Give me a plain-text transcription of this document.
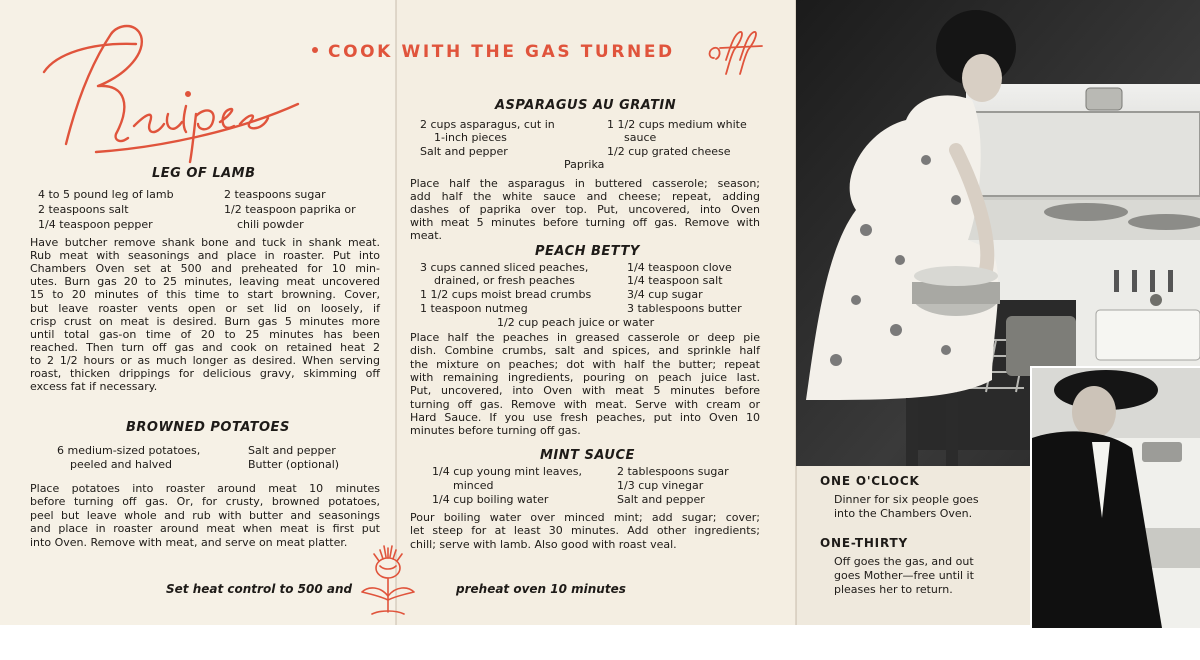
COOK WITH THE GAS TURNED
LEG OF LAMB
4 to 5 pound leg of lamb
2 teaspoons salt
1/4 teaspoon pepper
2 teaspoons sugar
1/2 teaspoon paprika or
chili powder
Have butcher remove shank bone and tuck in shank meat.
Rub meat with seasonings and place in roaster. Put into
Chambers Oven set at 500 and preheated for 10 min-
utes. Burn gas 20 to 25 minutes, leaving meat uncovered
15 to 20 minutes of this time to start browning. Cover,
but leave roaster vents open or set lid on loosely, if
crisp crust on meat is desired. Burn gas 5 minutes more
until total gas-on time of 20 to 25 minutes has been
reached. Then turn off gas and cook on retained heat 2
to 2 1/2 hours or as much longer as desired. When serving
roast, thicken drippings for delicious gravy, skimming off
excess fat if necessary.
BROWNED POTATOES
6 medium-sized potatoes,
peeled and halved
Salt and pepper
Butter (optional)
Place potatoes into roaster around meat 10 minutes
before turning off gas. Or, for crusty, browned potatoes,
peel but leave whole and rub with butter and seasonings
and place in roaster around meat when meat is first put
into Oven. Remove with meat, and serve on meat platter.
ASPARAGUS AU GRATIN
2 cups asparagus, cut in
1-inch pieces
Salt and pepper
1 1/2 cups medium white
sauce
1/2 cup grated cheese
Paprika
Place half the asparagus in buttered casserole; season;
add half the white sauce and cheese; repeat, adding
dashes of paprika over top. Put, uncovered, into Oven
with meat 5 minutes before turning off gas. Remove with
meat.
PEACH BETTY
3 cups canned sliced peaches,
drained, or fresh peaches
1 1/2 cups moist bread crumbs
1 teaspoon nutmeg
1/4 teaspoon clove
1/4 teaspoon salt
3/4 cup sugar
3 tablespoons butter
1/2 cup peach juice or water
Place half the peaches in greased casserole or deep pie
dish. Combine crumbs, salt and spices, and sprinkle half
the mixture on peaches; dot with half the butter; repeat
with remaining ingredients, pouring on peach juice last.
Put, uncovered, into Oven with meat 5 minutes before
turning off gas. Remove with meat. Serve with cream or
Hard Sauce. If you use fresh peaches, put into Oven 10
minutes before turning off gas.
MINT SAUCE
1/4 cup young mint leaves,
minced
1/4 cup boiling water
2 tablespoons sugar
1/3 cup vinegar
Salt and pepper
Pour boiling water over minced mint; add sugar; cover;
let steep for at least 30 minutes. Add other ingredients;
chill; serve with lamb. Also good with roast veal.
Set heat control to 500 and	preheat oven 10 minutes
ONE O'CLOCK
Dinner for six people goes
into the Chambers Oven.
ONE-THIRTY
Off goes the gas, and out
goes Mother—free until it
pleases her to return.
